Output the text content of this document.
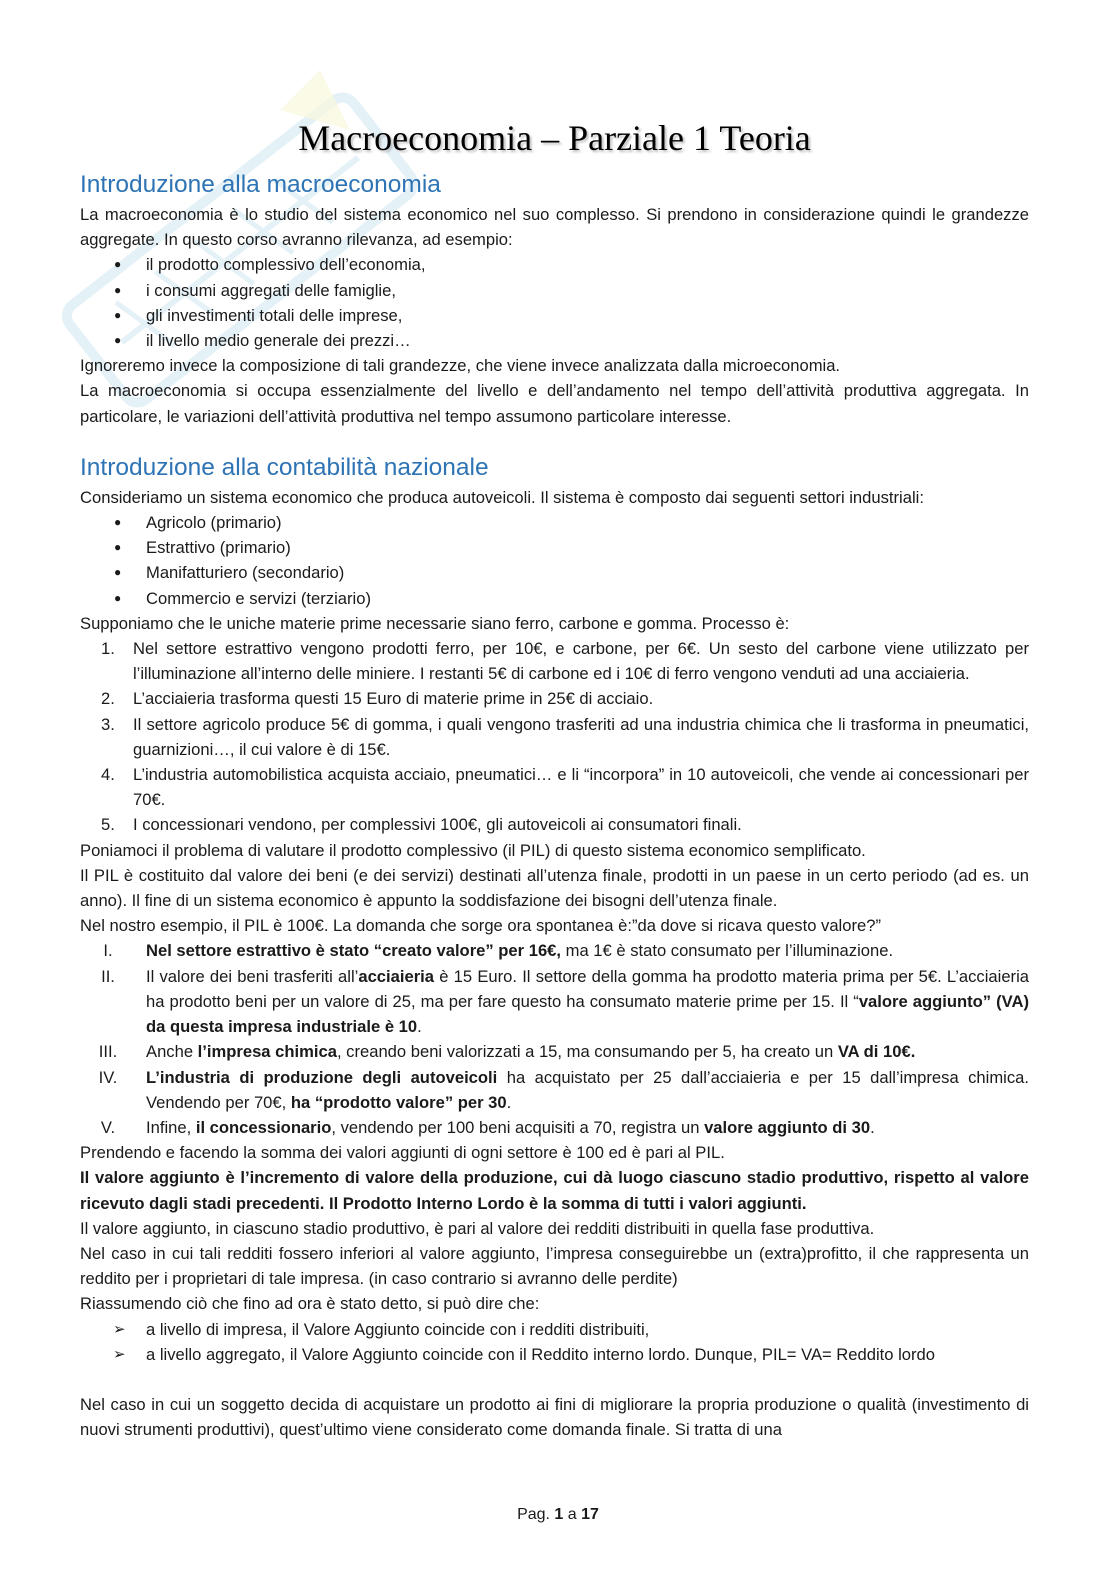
Macroeconomia – Parziale 1 Teoria
Introduzione alla macroeconomia

La macroeconomia è lo studio del sistema economico nel suo complesso. Si prendono in considerazione quindi le grandezze aggregate. In questo corso avranno rilevanza, ad esempio:

●	il prodotto complessivo dell’economia,
●	i consumi aggregati delle famiglie,
●	gli investimenti totali delle imprese,
●	il livello medio generale dei prezzi…

Ignoreremo invece la composizione di tali grandezze, che viene invece analizzata dalla microeconomia.

La macroeconomia si occupa essenzialmente del livello e dell’andamento nel tempo dell’attività produttiva aggregata. In particolare, le variazioni dell’attività produttiva nel tempo assumono particolare interesse.

Introduzione alla contabilità nazionale

Consideriamo un sistema economico che produca autoveicoli. Il sistema è composto dai seguenti settori industriali:

●	Agricolo (primario)
●	Estrattivo (primario)
●	Manifatturiero (secondario)
●	Commercio e servizi (terziario)

Supponiamo che le uniche materie prime necessarie siano ferro, carbone e gomma. Processo è:

1.	Nel settore estrattivo vengono prodotti ferro, per 10€, e carbone, per 6€. Un sesto del carbone viene utilizzato per l’illuminazione all’interno delle miniere. I restanti 5€ di carbone ed i 10€ di ferro vengono venduti ad una acciaieria.
2.	L’acciaieria trasforma questi 15 Euro di materie prime in 25€ di acciaio.
3.	Il settore agricolo produce 5€ di gomma, i quali vengono trasferiti ad una industria chimica che li trasforma in pneumatici, guarnizioni…, il cui valore è di 15€.
4.	L’industria automobilistica acquista acciaio, pneumatici… e li “incorpora” in 10 autoveicoli, che vende ai concessionari per 70€.
5.	I concessionari vendono, per complessivi 100€, gli autoveicoli ai consumatori finali.

Poniamoci il problema di valutare il prodotto complessivo (il PIL) di questo sistema economico semplificato.

Il PIL è costituito dal valore dei beni (e dei servizi) destinati all’utenza finale, prodotti in un paese in un certo periodo (ad es. un anno). Il fine di un sistema economico è appunto la soddisfazione dei bisogni dell’utenza finale.

Nel nostro esempio, il PIL è 100€. La domanda che sorge ora spontanea è:”da dove si ricava questo valore?”

I.	Nel settore estrattivo è stato “creato valore” per 16€, ma 1€ è stato consumato per l’illuminazione.
II.	Il valore dei beni trasferiti all’acciaieria è 15 Euro. Il settore della gomma ha prodotto materia prima per 5€. L’acciaieria ha prodotto beni per un valore di 25, ma per fare questo ha consumato materie prime per 15. Il “valore aggiunto” (VA) da questa impresa industriale è 10.
III.	Anche l’impresa chimica, creando beni valorizzati a 15, ma consumando per 5, ha creato un VA di 10€.
IV.	L’industria di produzione degli autoveicoli ha acquistato per 25 dall’acciaieria e per 15 dall’impresa chimica. Vendendo per 70€, ha “prodotto valore” per 30.
V.	Infine, il concessionario, vendendo per 100 beni acquisiti a 70, registra un valore aggiunto di 30.

Prendendo e facendo la somma dei valori aggiunti di ogni settore è 100 ed è pari al PIL.

Il valore aggiunto è l’incremento di valore della produzione, cui dà luogo ciascuno stadio produttivo, rispetto al valore ricevuto dagli stadi precedenti. Il Prodotto Interno Lordo è la somma di tutti i valori aggiunti.

Il valore aggiunto, in ciascuno stadio produttivo, è pari al valore dei redditi distribuiti in quella fase produttiva.

Nel caso in cui tali redditi fossero inferiori al valore aggiunto, l’impresa conseguirebbe un (extra)profitto, il che rappresenta un reddito per i proprietari di tale impresa. (in caso contrario si avranno delle perdite)

Riassumendo ciò che fino ad ora è stato detto, si può dire che:

➢	a livello di impresa, il Valore Aggiunto coincide con i redditi distribuiti,
➢	a livello aggregato, il Valore Aggiunto coincide con il Reddito interno lordo. Dunque, PIL= VA= Reddito lordo

Nel caso in cui un soggetto decida di acquistare un prodotto ai fini di migliorare la propria produzione o qualità (investimento di nuovi strumenti produttivi), quest’ultimo viene considerato come domanda finale. Si tratta di una

Pag. 1 a 17
